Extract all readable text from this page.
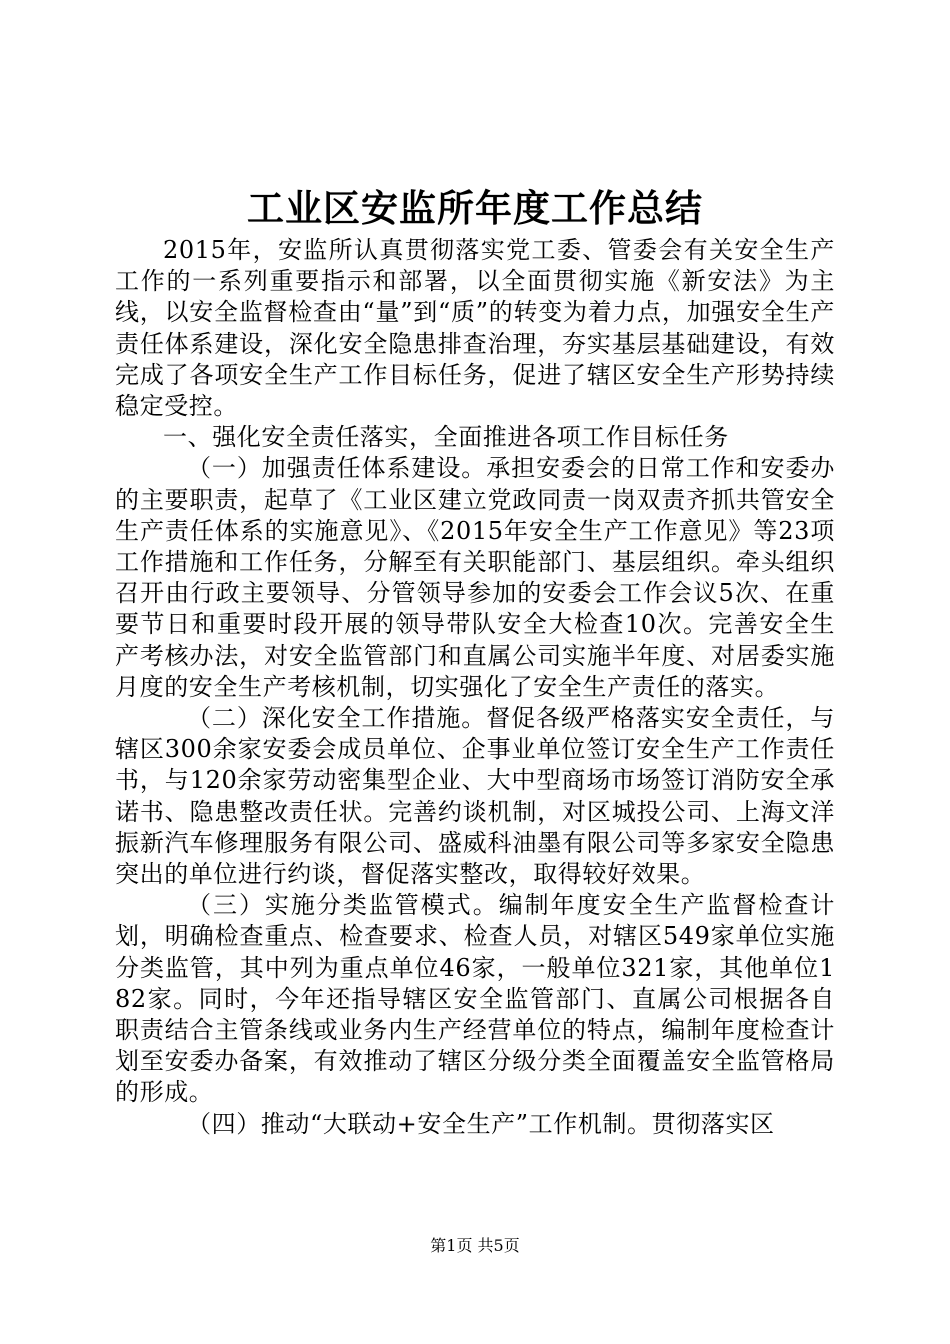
工业区安监所年度工作总结

2015年，安监所认真贯彻落实党工委、管委会有关安全生产工作的一系列重要指示和部署，以全面贯彻实施《新安法》为主线，以安全监督检查由“量”到“质”的转变为着力点，加强安全生产责任体系建设，深化安全隐患排查治理，夯实基层基础建设，有效完成了各项安全生产工作目标任务，促进了辖区安全生产形势持续稳定受控。

一、强化安全责任落实，全面推进各项工作目标任务

（一）加强责任体系建设。承担安委会的日常工作和安委办的主要职责，起草了《工业区建立党政同责一岗双责齐抓共管安全生产责任体系的实施意见》、《2015年安全生产工作意见》等23项工作措施和工作任务，分解至有关职能部门、基层组织。牵头组织召开由行政主要领导、分管领导参加的安委会工作会议5次、在重要节日和重要时段开展的领导带队安全大检查10次。完善安全生产考核办法，对安全监管部门和直属公司实施半年度、对居委实施月度的安全生产考核机制，切实强化了安全生产责任的落实。

（二）深化安全工作措施。督促各级严格落实安全责任，与辖区300余家安委会成员单位、企事业单位签订安全生产工作责任书，与120余家劳动密集型企业、大中型商场市场签订消防安全承诺书、隐患整改责任状。完善约谈机制，对区城投公司、上海文洋振新汽车修理服务有限公司、盛威科油墨有限公司等多家安全隐患突出的单位进行约谈，督促落实整改，取得较好效果。

（三）实施分类监管模式。编制年度安全生产监督检查计划，明确检查重点、检查要求、检查人员，对辖区549家单位实施分类监管，其中列为重点单位46家，一般单位321家，其他单位182家。同时，今年还指导辖区安全监管部门、直属公司根据各自职责结合主管条线或业务内生产经营单位的特点，编制年度检查计划至安委办备案，有效推动了辖区分级分类全面覆盖安全监管格局的形成。

（四）推动“大联动+安全生产”工作机制。贯彻落实区

第1页 共5页
